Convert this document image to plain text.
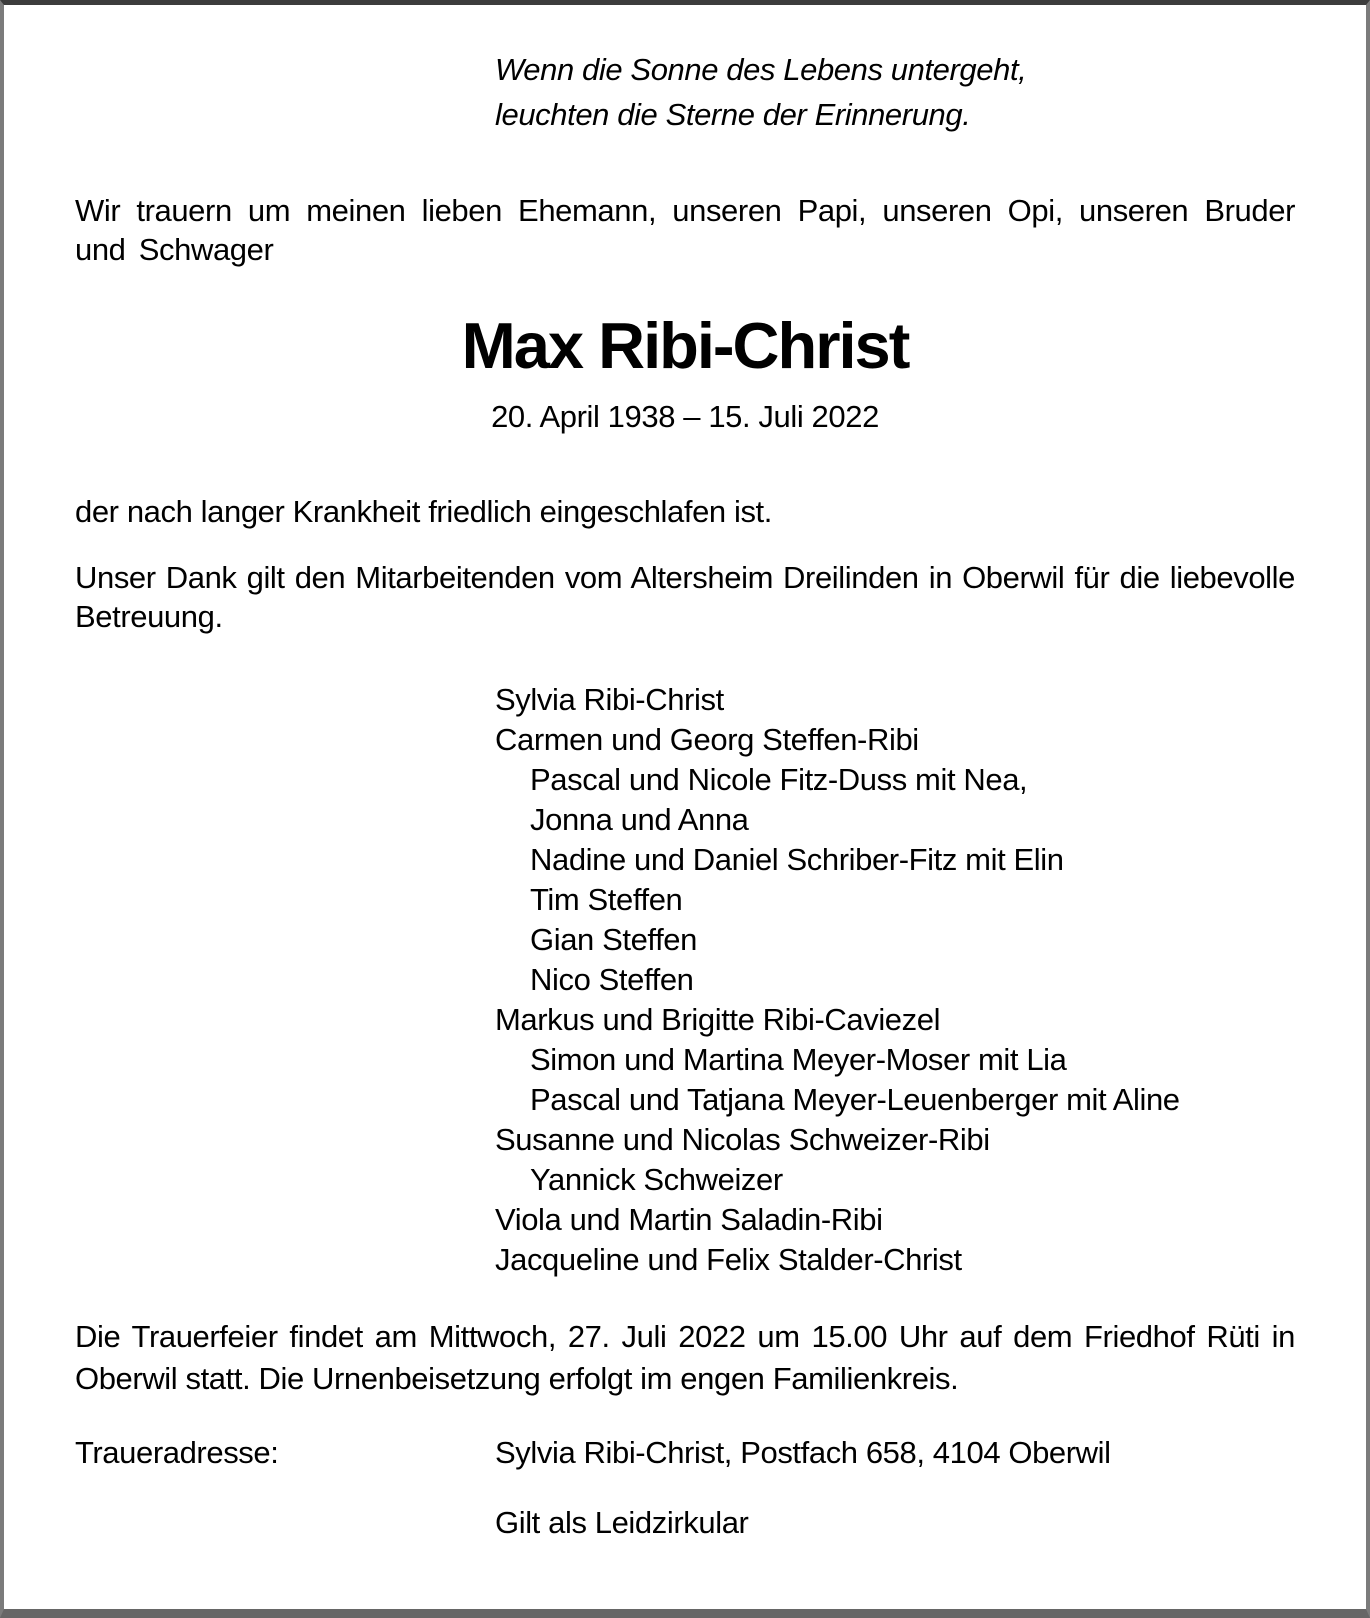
Wenn die Sonne des Lebens untergeht,
leuchten die Sterne der Erinnerung.

Wir trauern um meinen lieben Ehemann, unseren Papi, unseren Opi, unseren Bruder und Schwager

Max Ribi-Christ
20. April 1938 – 15. Juli 2022

der nach langer Krankheit friedlich eingeschlafen ist.

Unser Dank gilt den Mitarbeitenden vom Altersheim Dreilinden in Oberwil für die liebevolle Betreuung.

Sylvia Ribi-Christ
Carmen und Georg Steffen-Ribi
Pascal und Nicole Fitz-Duss mit Nea,
Jonna und Anna
Nadine und Daniel Schriber-Fitz mit Elin
Tim Steffen
Gian Steffen
Nico Steffen
Markus und Brigitte Ribi-Caviezel
Simon und Martina Meyer-Moser mit Lia
Pascal und Tatjana Meyer-Leuenberger mit Aline
Susanne und Nicolas Schweizer-Ribi
Yannick Schweizer
Viola und Martin Saladin-Ribi
Jacqueline und Felix Stalder-Christ

Die Trauerfeier findet am Mittwoch, 27. Juli 2022 um 15.00 Uhr auf dem Friedhof Rüti in Oberwil statt. Die Urnenbeisetzung erfolgt im engen Familienkreis.

Traueradresse:	Sylvia Ribi-Christ, Postfach 658, 4104 Oberwil
Gilt als Leidzirkular
